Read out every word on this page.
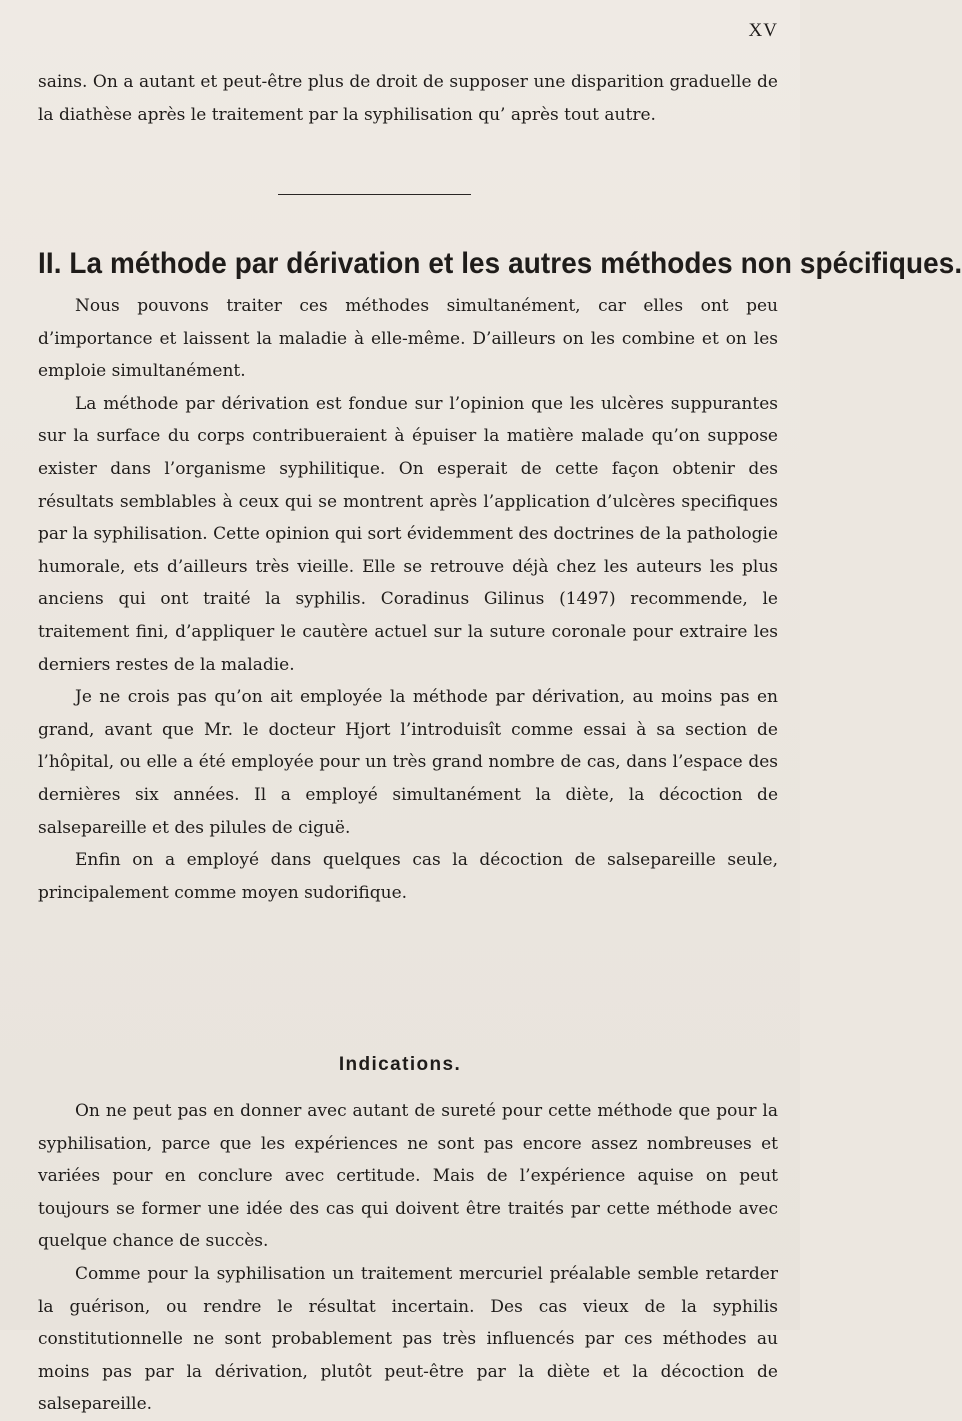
XV

sains. On a autant et peut-être plus de droit de supposer une disparition graduelle de la diathèse après le traitement par la syphilisation qu’ après tout autre.

II. La méthode par dérivation et les autres méthodes non spécifiques.

Nous pouvons traiter ces méthodes simultanément, car elles ont peu d’importance et laissent la maladie à elle-même. D’ailleurs on les combine et on les emploie simultanément.

La méthode par dérivation est fondue sur l’opinion que les ulcères suppurantes sur la surface du corps contribueraient à épuiser la matière malade qu’on suppose exister dans l’organisme syphilitique. On esperait de cette façon obtenir des résultats semblables à ceux qui se montrent après l’application d’ulcères specifiques par la syphilisation. Cette opinion qui sort évidemment des doctrines de la pathologie humorale, ets d’ailleurs très vieille. Elle se retrouve déjà chez les auteurs les plus anciens qui ont traité la syphilis. Coradinus Gilinus (1497) recommende, le traitement fini, d’appliquer le cautère actuel sur la suture coronale pour extraire les derniers restes de la maladie.

Je ne crois pas qu’on ait employée la méthode par dérivation, au moins pas en grand, avant que Mr. le docteur Hjort l’introduisît comme essai à sa section de l’hôpital, ou elle a été employée pour un très grand nombre de cas, dans l’espace des dernières six années. Il a employé simultanément la diète, la décoction de salsepareille et des pilules de ciguë.

Enfin on a employé dans quelques cas la décoction de salsepareille seule, principalement comme moyen sudorifique.

Indications.

On ne peut pas en donner avec autant de sureté pour cette méthode que pour la syphilisation, parce que les expériences ne sont pas encore assez nombreuses et variées pour en conclure avec certitude. Mais de l’expérience aquise on peut toujours se former une idée des cas qui doivent être traités par cette méthode avec quelque chance de succès.

Comme pour la syphilisation un traitement mercuriel préalable semble retarder la guérison, ou rendre le résultat incertain. Des cas vieux de la syphilis constitutionnelle ne sont probablement pas très influencés par ces méthodes au moins pas par la dérivation, plutôt peut-être par la diète et la décoction de salsepareille.
